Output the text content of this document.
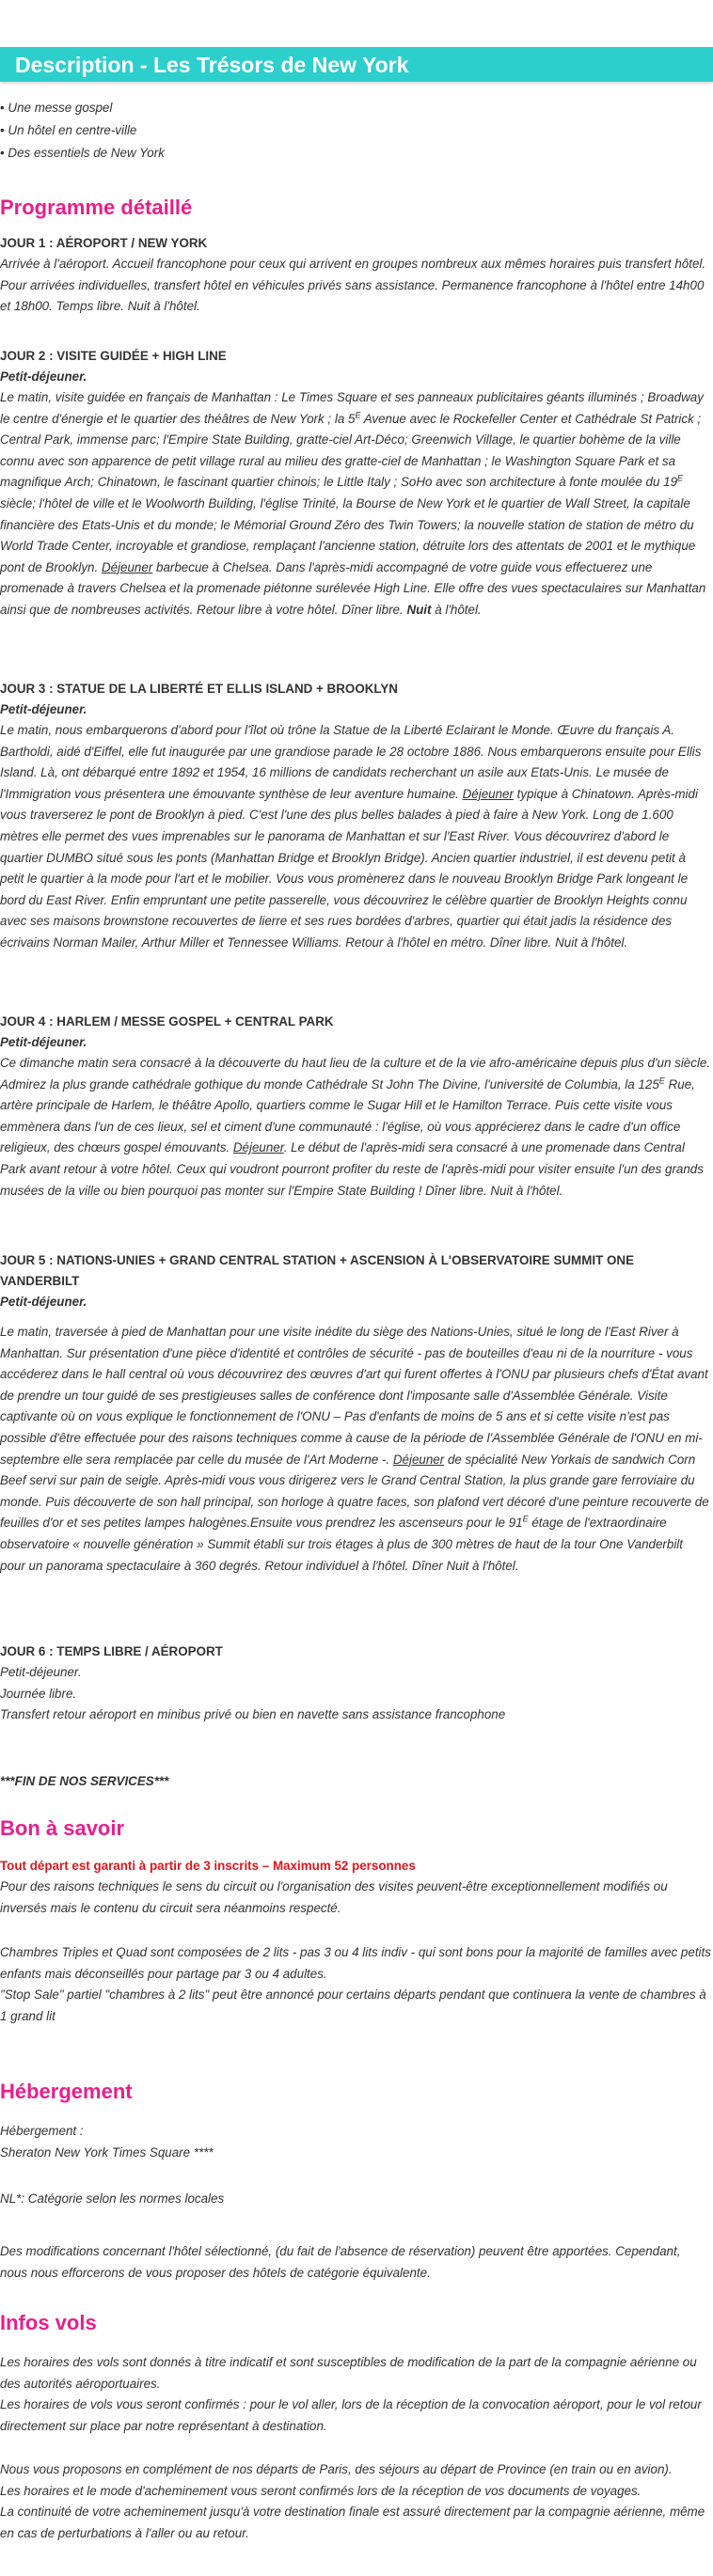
Description - Les Trésors de New York
• Une messe gospel
• Un hôtel en centre-ville
• Des essentiels de New York
Programme détaillé
JOUR 1 : AÉROPORT / NEW YORK

Arrivée à l'aéroport. Accueil francophone pour ceux qui arrivent en groupes nombreux aux mêmes horaires puis transfert hôtel. Pour arrivées individuelles, transfert hôtel en véhicules privés sans assistance. Permanence francophone à l'hôtel entre 14h00 et 18h00. Temps libre. Nuit à l'hôtel.

JOUR 2 : VISITE GUIDÉE + HIGH LINE
Petit-déjeuner.

Le matin, visite guidée en français de Manhattan : Le Times Square et ses panneaux publicitaires géants illuminés ; Broadway le centre d'énergie et le quartier des théâtres de New York ; la $5^E$ Avenue avec le Rockefeller Center et Cathédrale St Patrick ; Central Park, immense parc; l'Empire State Building, gratte-ciel Art-Déco; Greenwich Village, le quartier bohème de la ville connu avec son apparence de petit village rural au milieu des gratte-ciel de Manhattan ; le Washington Square Park et sa magnifique Arch; Chinatown, le fascinant quartier chinois; le Little Italy ; SoHo avec son architecture à fonte moulée du $19^E$ siècle; l'hôtel de ville et le Woolworth Building, l'église Trinité, la Bourse de New York et le quartier de Wall Street, la capitale financière des Etats-Unis et du monde; le Mémorial Ground Zéro des Twin Towers; la nouvelle station de station de métro du World Trade Center, incroyable et grandiose, remplaçant l'ancienne station, détruite lors des attentats de 2001 et le mythique pont de Brooklyn. Déjeuner barbecue à Chelsea. Dans l'après-midi accompagné de votre guide vous effectuerez une promenade à travers Chelsea et la promenade piétonne surélevée High Line. Elle offre des vues spectaculaires sur Manhattan ainsi que de nombreuses activités. Retour libre à votre hôtel. Dîner libre. Nuit à l'hôtel.

JOUR 3 : STATUE DE LA LIBERTÉ ET ELLIS ISLAND + BROOKLYN
Petit-déjeuner.

Le matin, nous embarquerons d'abord pour l'îlot où trône la Statue de la Liberté Eclairant le Monde. Œuvre du français A. Bartholdi, aidé d'Eiffel, elle fut inaugurée par une grandiose parade le 28 octobre 1886. Nous embarquerons ensuite pour Ellis Island. Là, ont débarqué entre 1892 et 1954, 16 millions de candidats recherchant un asile aux Etats-Unis. Le musée de l'Immigration vous présentera une émouvante synthèse de leur aventure humaine. Déjeuner typique à Chinatown. Après-midi vous traverserez le pont de Brooklyn à pied. C'est l'une des plus belles balades à pied à faire à New York. Long de 1.600 mètres elle permet des vues imprenables sur le panorama de Manhattan et sur l'East River. Vous découvrirez d'abord le quartier DUMBO situé sous les ponts (Manhattan Bridge et Brooklyn Bridge). Ancien quartier industriel, il est devenu petit à petit le quartier à la mode pour l'art et le mobilier. Vous vous promènerez dans le nouveau Brooklyn Bridge Park longeant le bord du East River. Enfin empruntant une petite passerelle, vous découvrirez le célèbre quartier de Brooklyn Heights connu avec ses maisons brownstone recouvertes de lierre et ses rues bordées d'arbres, quartier qui était jadis la résidence des écrivains Norman Mailer, Arthur Miller et Tennessee Williams. Retour à l'hôtel en métro. Dîner libre. Nuit à l'hôtel.

JOUR 4 : HARLEM / MESSE GOSPEL + CENTRAL PARK
Petit-déjeuner.

Ce dimanche matin sera consacré à la découverte du haut lieu de la culture et de la vie afro-américaine depuis plus d'un siècle. Admirez la plus grande cathédrale gothique du monde Cathédrale St John The Divine, l'université de Columbia, la $125^E$ Rue, artère principale de Harlem, le théâtre Apollo, quartiers comme le Sugar Hill et le Hamilton Terrace. Puis cette visite vous emmènera dans l'un de ces lieux, sel et ciment d'une communauté : l'église, où vous apprécierez dans le cadre d'un office religieux, des chœurs gospel émouvants. Déjeuner. Le début de l'après-midi sera consacré à une promenade dans Central Park avant retour à votre hôtel. Ceux qui voudront pourront profiter du reste de l'après-midi pour visiter ensuite l'un des grands musées de la ville ou bien pourquoi pas monter sur l'Empire State Building ! Dîner libre. Nuit à l'hôtel.

JOUR 5 : NATIONS-UNIES + GRAND CENTRAL STATION + ASCENSION À L'OBSERVATOIRE SUMMIT ONE VANDERBILT
Petit-déjeuner.

Le matin, traversée à pied de Manhattan pour une visite inédite du siège des Nations-Unies, situé le long de l'East River à Manhattan. Sur présentation d'une pièce d'identité et contrôles de sécurité - pas de bouteilles d'eau ni de la nourriture - vous accéderez dans le hall central où vous découvrirez des œuvres d'art qui furent offertes à l'ONU par plusieurs chefs d'État avant de prendre un tour guidé de ses prestigieuses salles de conférence dont l'imposante salle d'Assemblée Générale. Visite captivante où on vous explique le fonctionnement de l'ONU – Pas d'enfants de moins de 5 ans et si cette visite n'est pas possible d'être effectuée pour des raisons techniques comme à cause de la période de l'Assemblée Générale de l'ONU en mi-septembre elle sera remplacée par celle du musée de l'Art Moderne -. Déjeuner de spécialité New Yorkais de sandwich Corn Beef servi sur pain de seigle. Après-midi vous vous dirigerez vers le Grand Central Station, la plus grande gare ferroviaire du monde. Puis découverte de son hall principal, son horloge à quatre faces, son plafond vert décoré d'une peinture recouverte de feuilles d'or et ses petites lampes halogènes.Ensuite vous prendrez les ascenseurs pour le $91^E$ étage de l'extraordinaire observatoire « nouvelle génération » Summit établi sur trois étages à plus de 300 mètres de haut de la tour One Vanderbilt pour un panorama spectaculaire à 360 degrés. Retour individuel à l'hôtel. Dîner Nuit à l'hôtel.

JOUR 6 : TEMPS LIBRE / AÉROPORT
Petit-déjeuner.
Journée libre.
Transfert retour aéroport en minibus privé ou bien en navette sans assistance francophone
***FIN DE NOS SERVICES***
Bon à savoir
Tout départ est garanti à partir de 3 inscrits – Maximum 52 personnes

Pour des raisons techniques le sens du circuit ou l'organisation des visites peuvent-être exceptionnellement modifiés ou inversés mais le contenu du circuit sera néanmoins respecté.

Chambres Triples et Quad sont composées de 2 lits - pas 3 ou 4 lits indiv - qui sont bons pour la majorité de familles avec petits enfants mais déconseillés pour partage par 3 ou 4 adultes.

"Stop Sale" partiel "chambres à 2 lits" peut être annoncé pour certains départs pendant que continuera la vente de chambres à 1 grand lit

Hébergement
Hébergement :
Sheraton New York Times Square ****
NL*: Catégorie selon les normes locales
Des modifications concernant l'hôtel sélectionné, (du fait de l'absence de réservation) peuvent être apportées. Cependant, nous nous efforcerons de vous proposer des hôtels de catégorie équivalente.
Infos vols

Les horaires des vols sont donnés à titre indicatif et sont susceptibles de modification de la part de la compagnie aérienne ou des autorités aéroportuaires.

Les horaires de vols vous seront confirmés : pour le vol aller, lors de la réception de la convocation aéroport, pour le vol retour directement sur place par notre représentant à destination.

Nous vous proposons en complément de nos départs de Paris, des séjours au départ de Province (en train ou en avion).

Les horaires et le mode d'acheminement vous seront confirmés lors de la réception de vos documents de voyages.

La continuité de votre acheminement jusqu'à votre destination finale est assuré directement par la compagnie aérienne, même en cas de perturbations à l'aller ou au retour.
